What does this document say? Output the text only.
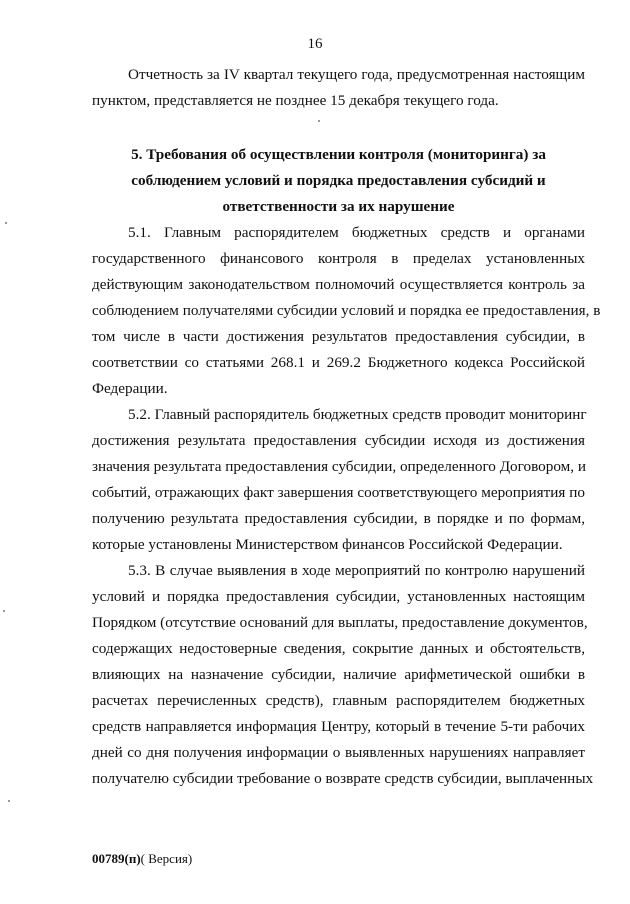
16
Отчетность за IV квартал текущего года, предусмотренная настоящим
пунктом, представляется не позднее 15 декабря текущего года.
5. Требования об осуществлении контроля (мониторинга) за
соблюдением условий и порядка предоставления субсидий и
ответственности за их нарушение
5.1. Главным распорядителем бюджетных средств и органами
государственного финансового контроля в пределах установленных
действующим законодательством полномочий осуществляется контроль за
соблюдением получателями субсидии условий и порядка ее предоставления, в
том числе в части достижения результатов предоставления субсидии, в
соответствии со статьями 268.1 и 269.2 Бюджетного кодекса Российской
Федерации.
5.2. Главный распорядитель бюджетных средств проводит мониторинг
достижения результата предоставления субсидии исходя из достижения
значения результата предоставления субсидии, определенного Договором, и
событий, отражающих факт завершения соответствующего мероприятия по
получению результата предоставления субсидии, в порядке и по формам,
которые установлены Министерством финансов Российской Федерации.
5.3. В случае выявления в ходе мероприятий по контролю нарушений
условий и порядка предоставления субсидии, установленных настоящим
Порядком (отсутствие оснований для выплаты, предоставление документов,
содержащих недостоверные сведения, сокрытие данных и обстоятельств,
влияющих на назначение субсидии, наличие арифметической ошибки в
расчетах перечисленных средств), главным распорядителем бюджетных
средств направляется информация Центру, который в течение 5-ти рабочих
дней со дня получения информации о выявленных нарушениях направляет
получателю субсидии требование о возврате средств субсидии, выплаченных
00789(п)( Версия)
